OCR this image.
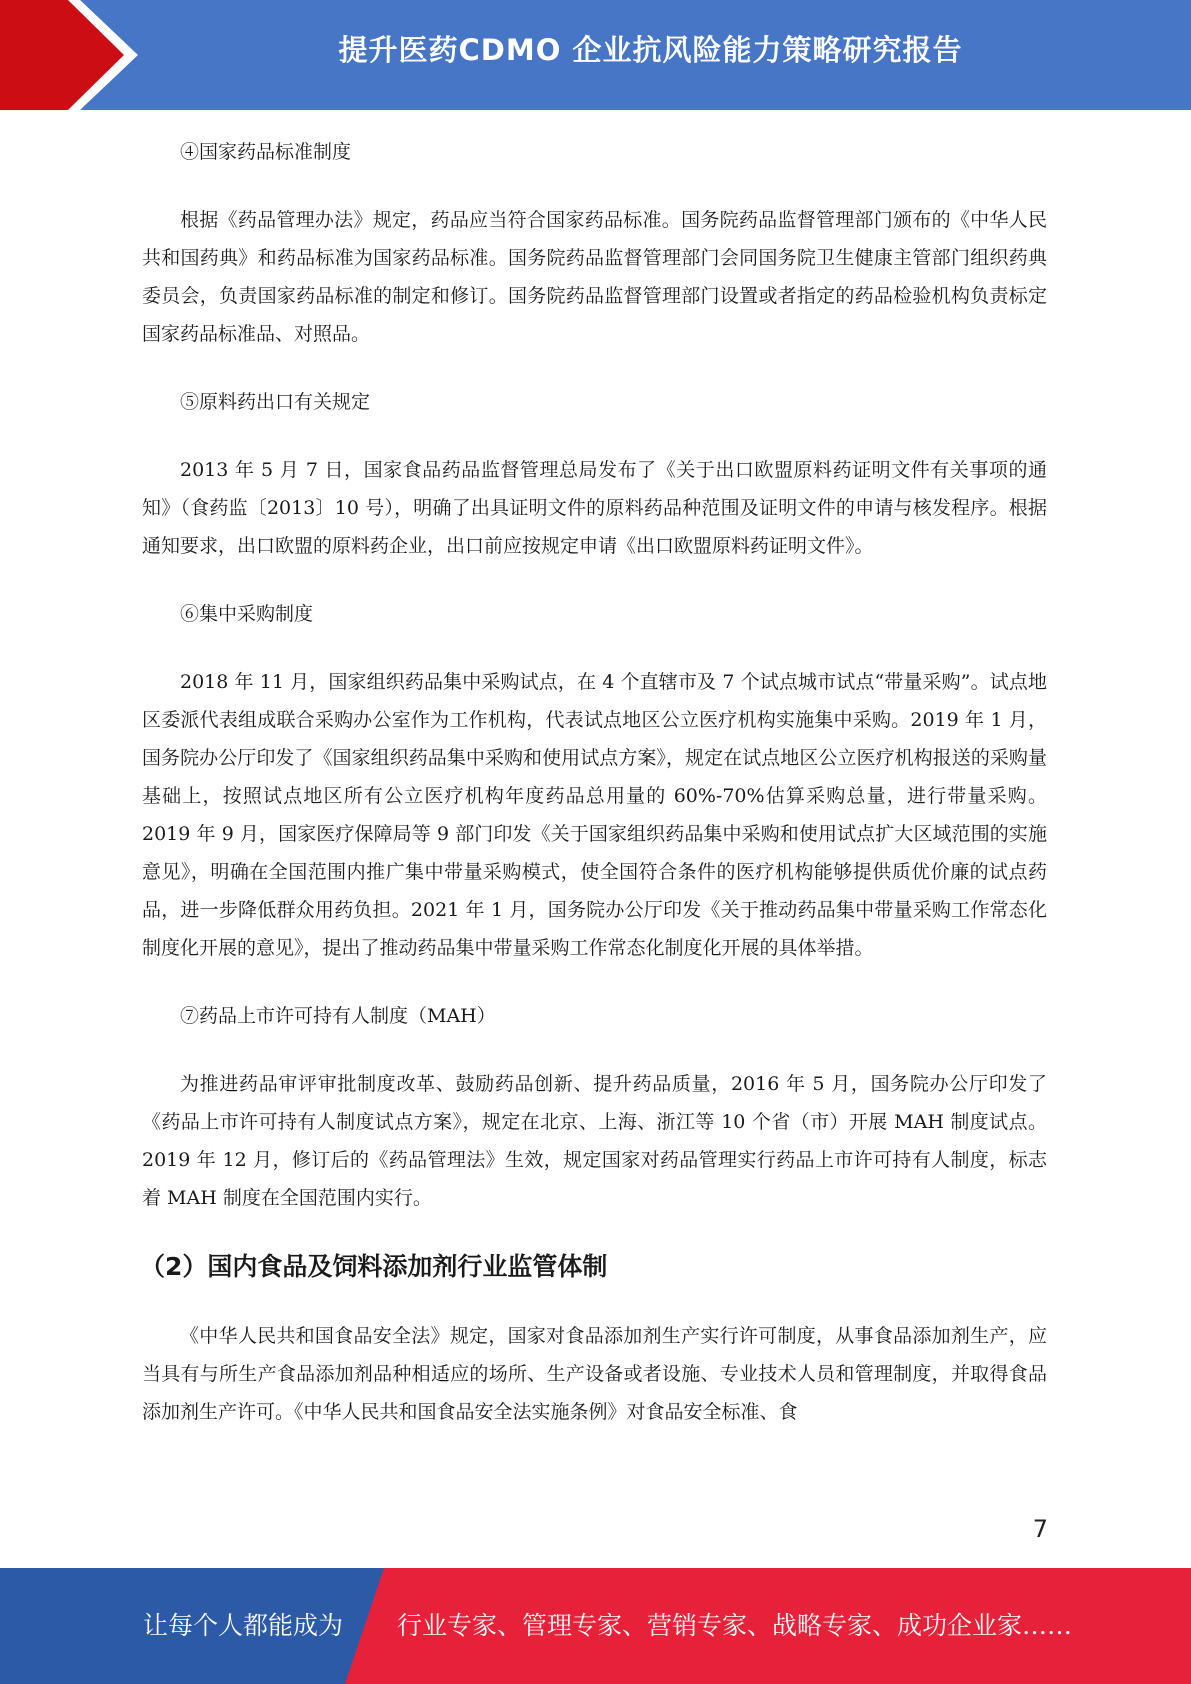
提升医药CDMO 企业抗风险能力策略研究报告

④国家药品标准制度

根据《药品管理办法》规定，药品应当符合国家药品标准。国务院药品监督管理部门颁布的《中华人民共和国药典》和药品标准为国家药品标准。国务院药品监督管理部门会同国务院卫生健康主管部门组织药典委员会，负责国家药品标准的制定和修订。国务院药品监督管理部门设置或者指定的药品检验机构负责标定国家药品标准品、对照品。

⑤原料药出口有关规定

2013 年 5 月 7 日，国家食品药品监督管理总局发布了《关于出口欧盟原料药证明文件有关事项的通知》（食药监〔2013〕10 号），明确了出具证明文件的原料药品种范围及证明文件的申请与核发程序。根据通知要求，出口欧盟的原料药企业，出口前应按规定申请《出口欧盟原料药证明文件》。

⑥集中采购制度

2018 年 11 月，国家组织药品集中采购试点，在 4 个直辖市及 7 个试点城市试点“带量采购”。试点地区委派代表组成联合采购办公室作为工作机构，代表试点地区公立医疗机构实施集中采购。2019 年 1 月，国务院办公厅印发了《国家组织药品集中采购和使用试点方案》，规定在试点地区公立医疗机构报送的采购量基础上，按照试点地区所有公立医疗机构年度药品总用量的 60%-70%估算采购总量，进行带量采购。2019 年 9 月，国家医疗保障局等 9 部门印发《关于国家组织药品集中采购和使用试点扩大区域范围的实施意见》，明确在全国范围内推广集中带量采购模式，使全国符合条件的医疗机构能够提供质优价廉的试点药品，进一步降低群众用药负担。2021 年 1 月，国务院办公厅印发《关于推动药品集中带量采购工作常态化制度化开展的意见》，提出了推动药品集中带量采购工作常态化制度化开展的具体举措。

⑦药品上市许可持有人制度（MAH）

为推进药品审评审批制度改革、鼓励药品创新、提升药品质量，2016 年 5 月，国务院办公厅印发了《药品上市许可持有人制度试点方案》，规定在北京、上海、浙江等 10 个省（市）开展 MAH 制度试点。2019 年 12 月，修订后的《药品管理法》生效，规定国家对药品管理实行药品上市许可持有人制度，标志着 MAH 制度在全国范围内实行。

（2）国内食品及饲料添加剂行业监管体制

《中华人民共和国食品安全法》规定，国家对食品添加剂生产实行许可制度，从事食品添加剂生产，应当具有与所生产食品添加剂品种相适应的场所、生产设备或者设施、专业技术人员和管理制度，并取得食品添加剂生产许可。《中华人民共和国食品安全法实施条例》对食品安全标准、食

7
让每个人都能成为 行业专家、管理专家、营销专家、战略专家、成功企业家……
